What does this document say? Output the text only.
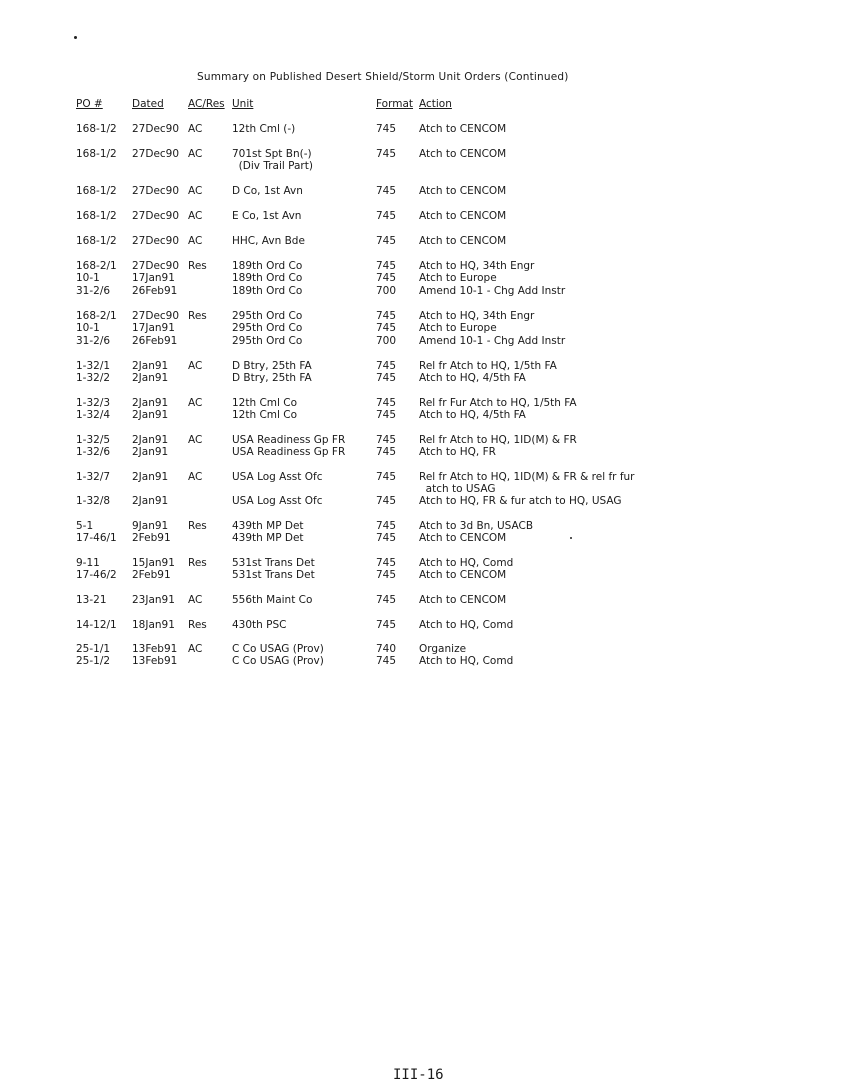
Summary on Published Desert Shield/Storm Unit Orders (Continued)
PO #	Dated AC/Res Unit	Format Action
168-1/2 27Dec90 AC	12th Cml (-)	745 Atch to CENCOM
168-1/2 27Dec90 AC	701st Spt Bn(-)	745 Atch to CENCOM
(Div Trail Part)
168-1/2 27Dec90 AC	D Co, 1st Avn	745 Atch to CENCOM
168-1/2 27Dec90 AC	E Co, 1st Avn	745 Atch to CENCOM
168-1/2 27Dec90 AC	HHC, Avn Bde	745 Atch to CENCOM
168-2/1 27Dec90 Res 189th Ord Co	745 Atch to HQ, 34th Engr
10-1	17Jan91	189th Ord Co	745 Atch to Europe
31-2/6 26Feb91	189th Ord Co	700 Amend 10-1 - Chg Add Instr
168-2/1 27Dec90 Res 295th Ord Co	745 Atch to HQ, 34th Engr
10-1	17Jan91	295th Ord Co	745 Atch to Europe
31-2/6 26Feb91	295th Ord Co	700 Amend 10-1 - Chg Add Instr
1-32/1 2Jan91 AC	D Btry, 25th FA	745 Rel fr Atch to HQ, 1/5th FA
1-32/2 2Jan91	D Btry, 25th FA	745 Atch to HQ, 4/5th FA
1-32/3 2Jan91 AC	12th Cml Co	745 Rel fr Fur Atch to HQ, 1/5th FA
1-32/4 2Jan91	12th Cml Co	745 Atch to HQ, 4/5th FA
1-32/5 2Jan91 AC	USA Readiness Gp FR	745 Rel fr Atch to HQ, 1ID(M) & FR
1-32/6 2Jan91	USA Readiness Gp FR	745 Atch to HQ, FR
1-32/7 2Jan91 AC	USA Log Asst Ofc	745 Rel fr Atch to HQ, 1ID(M) & FR & rel fr fur
atch to USAG
1-32/8 2Jan91	USA Log Asst Ofc	745 Atch to HQ, FR & fur atch to HQ, USAG
5-1	9Jan91 Res 439th MP Det	745 Atch to 3d Bn, USACB
17-46/1 2Feb91	439th MP Det	745 Atch to CENCOM
9-11	15Jan91 Res 531st Trans Det	745 Atch to HQ, Comd
17-46/2 2Feb91	531st Trans Det	745 Atch to CENCOM
13-21 23Jan91 AC	556th Maint Co	745 Atch to CENCOM
14-12/1 18Jan91 Res 430th PSC	745 Atch to HQ, Comd
25-1/1 13Feb91 AC	C Co USAG (Prov)	740 Organize
25-1/2 13Feb91	C Co USAG (Prov)	745 Atch to HQ, Comd
III-16
